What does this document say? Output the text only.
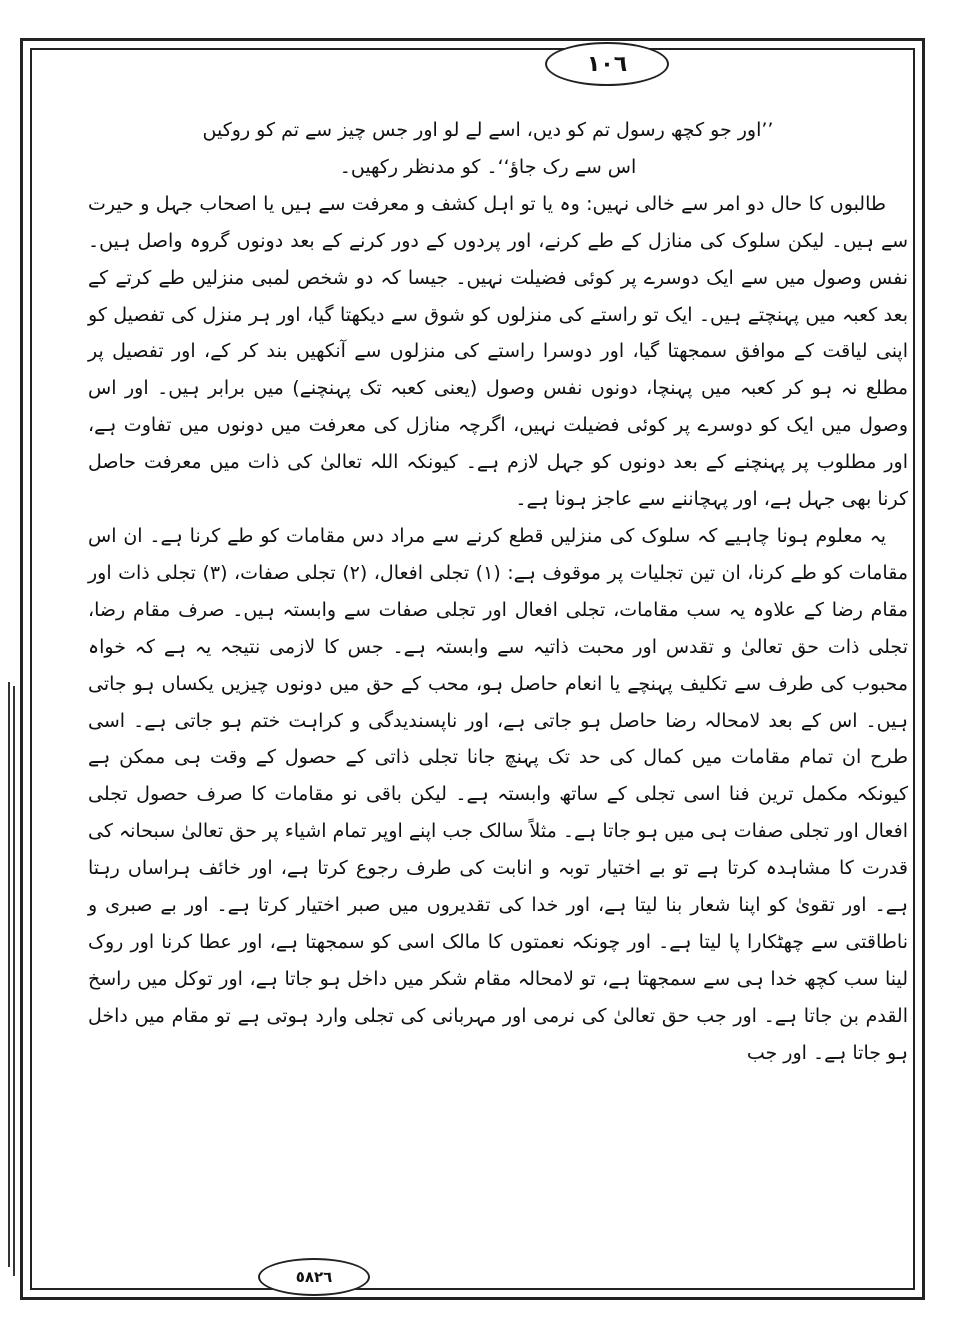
١٠٦

’’اور جو کچھ رسول تم کو دیں، اسے لے لو اور جس چیز سے تم کو روکیں

اس سے رک جاؤ‘‘۔ کو مدنظر رکھیں۔

طالبوں کا حال دو امر سے خالی نہیں: وہ یا تو اہل کشف و معرفت سے ہیں یا اصحاب جہل و حیرت سے ہیں۔ لیکن سلوک کی منازل کے طے کرنے، اور پردوں کے دور کرنے کے بعد دونوں گروہ واصل ہیں۔ نفس وصول میں سے ایک دوسرے پر کوئی فضیلت نہیں۔ جیسا کہ دو شخص لمبی منزلیں طے کرتے کے بعد کعبہ میں پہنچتے ہیں۔ ایک تو راستے کی منزلوں کو شوق سے دیکھتا گیا، اور ہر منزل کی تفصیل کو اپنی لیاقت کے موافق سمجھتا گیا، اور دوسرا راستے کی منزلوں سے آنکھیں بند کر کے، اور تفصیل پر مطلع نہ ہو کر کعبہ میں پہنچا، دونوں نفس وصول (یعنی کعبہ تک پہنچنے) میں برابر ہیں۔ اور اس وصول میں ایک کو دوسرے پر کوئی فضیلت نہیں، اگرچہ منازل کی معرفت میں دونوں میں تفاوت ہے، اور مطلوب پر پہنچنے کے بعد دونوں کو جہل لازم ہے۔ کیونکہ اللہ تعالیٰ کی ذات میں معرفت حاصل کرنا بھی جہل ہے، اور پہچاننے سے عاجز ہونا ہے۔

یہ معلوم ہونا چاہیے کہ سلوک کی منزلیں قطع کرنے سے مراد دس مقامات کو طے کرنا ہے۔ ان اس مقامات کو طے کرنا، ان تین تجلیات پر موقوف ہے: (۱) تجلی افعال، (۲) تجلی صفات، (۳) تجلی ذات اور مقام رضا کے علاوہ یہ سب مقامات، تجلی افعال اور تجلی صفات سے وابستہ ہیں۔ صرف مقام رضا، تجلی ذات حق تعالیٰ و تقدس اور محبت ذاتیہ سے وابستہ ہے۔ جس کا لازمی نتیجہ یہ ہے کہ خواہ محبوب کی طرف سے تکلیف پہنچے یا انعام حاصل ہو، محب کے حق میں دونوں چیزیں یکساں ہو جاتی ہیں۔ اس کے بعد لامحالہ رضا حاصل ہو جاتی ہے، اور ناپسندیدگی و کراہت ختم ہو جاتی ہے۔ اسی طرح ان تمام مقامات میں کمال کی حد تک پہنچ جانا تجلی ذاتی کے حصول کے وقت ہی ممکن ہے کیونکہ مکمل ترین فنا اسی تجلی کے ساتھ وابستہ ہے۔ لیکن باقی نو مقامات کا صرف حصول تجلی افعال اور تجلی صفات ہی میں ہو جاتا ہے۔ مثلاً سالک جب اپنے اوپر تمام اشیاء پر حق تعالیٰ سبحانہ کی قدرت کا مشاہدہ کرتا ہے تو بے اختیار توبہ و انابت کی طرف رجوع کرتا ہے، اور خائف ہراساں رہتا ہے۔ اور تقویٰ کو اپنا شعار بنا لیتا ہے، اور خدا کی تقدیروں میں صبر اختیار کرتا ہے۔ اور بے صبری و ناطاقتی سے چھٹکارا پا لیتا ہے۔ اور چونکہ نعمتوں کا مالک اسی کو سمجھتا ہے، اور عطا کرنا اور روک لینا سب کچھ خدا ہی سے سمجھتا ہے، تو لامحالہ مقام شکر میں داخل ہو جاتا ہے، اور توکل میں راسخ القدم بن جاتا ہے۔ اور جب حق تعالیٰ کی نرمی اور مہربانی کی تجلی وارد ہوتی ہے تو مقام میں داخل ہو جاتا ہے۔ اور جب

٥٨٢٦
